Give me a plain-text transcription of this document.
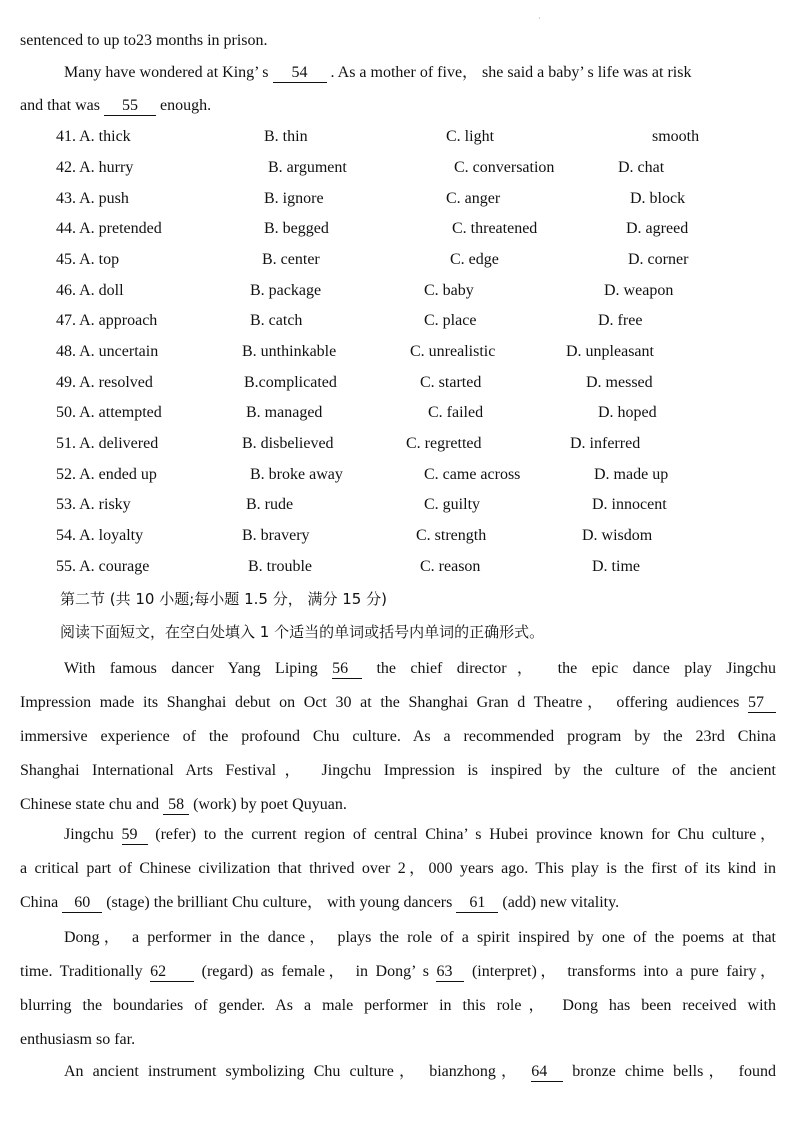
·
sentenced to up to23 months in prison.
Many have wondered at King’ s 54 . As a mother of five， she said a baby’ s life was at risk
and that was 55 enough.
41. A. thick	B. thin	C. light	smooth
42. A. hurry	B. argument	C. conversation	D. chat
43. A. push	B. ignore	C. anger	D. block
44. A. pretended	B. begged	C. threatened	D. agreed
45. A. top	B. center	C. edge	D. corner
46. A. doll	B. package	C. baby	D. weapon
47. A. approach	B. catch	C. place	D. free
48. A. uncertain	B. unthinkable	C. unrealistic	D. unpleasant
49. A. resolved	B.complicated	C. started	D. messed
50. A. attempted	B. managed	C. failed	D. hoped
51. A. delivered	B. disbelieved	C. regretted	D. inferred
52. A. ended up	B. broke away	C. came across	D. made up
53. A. risky	B. rude	C. guilty	D. innocent
54. A. loyalty	B. bravery	C. strength	D. wisdom
55. A. courage	B. trouble	C. reason	D. time
第二节 (共 10 小题;每小题 1.5 分， 满分 15 分)
阅读下面短文，在空白处填入 1 个适当的单词或括号内单词的正确形式。
With famous dancer Yang Liping 56 the chief director， the epic dance play Jingchu
Impression made its Shanghai debut on Oct 30 at the Shanghai Gran d Theatre， offering audiences 57
immersive experience of the profound Chu culture. As a recommended program by the 23rd China
Shanghai International Arts Festival， Jingchu Impression is inspired by the culture of the ancient
Chinese state chu and 58 (work) by poet Quyuan.
Jingchu 59 (refer) to the current region of central China’ s Hubei province known for Chu culture，
a critical part of Chinese civilization that thrived over 2，000 years ago. This play is the first of its kind in
China 60 (stage) the brilliant Chu culture， with young dancers 61 (add) new vitality.
Dong， a performer in the dance， plays the role of a spirit inspired by one of the poems at that
time. Traditionally 62 (regard) as female， in Dong’ s 63 (interpret)， transforms into a pure fairy，
blurring the boundaries of gender. As a male performer in this role， Dong has been received with
enthusiasm so far.
An ancient instrument symbolizing Chu culture， bianzhong， 64 bronze chime bells， found
